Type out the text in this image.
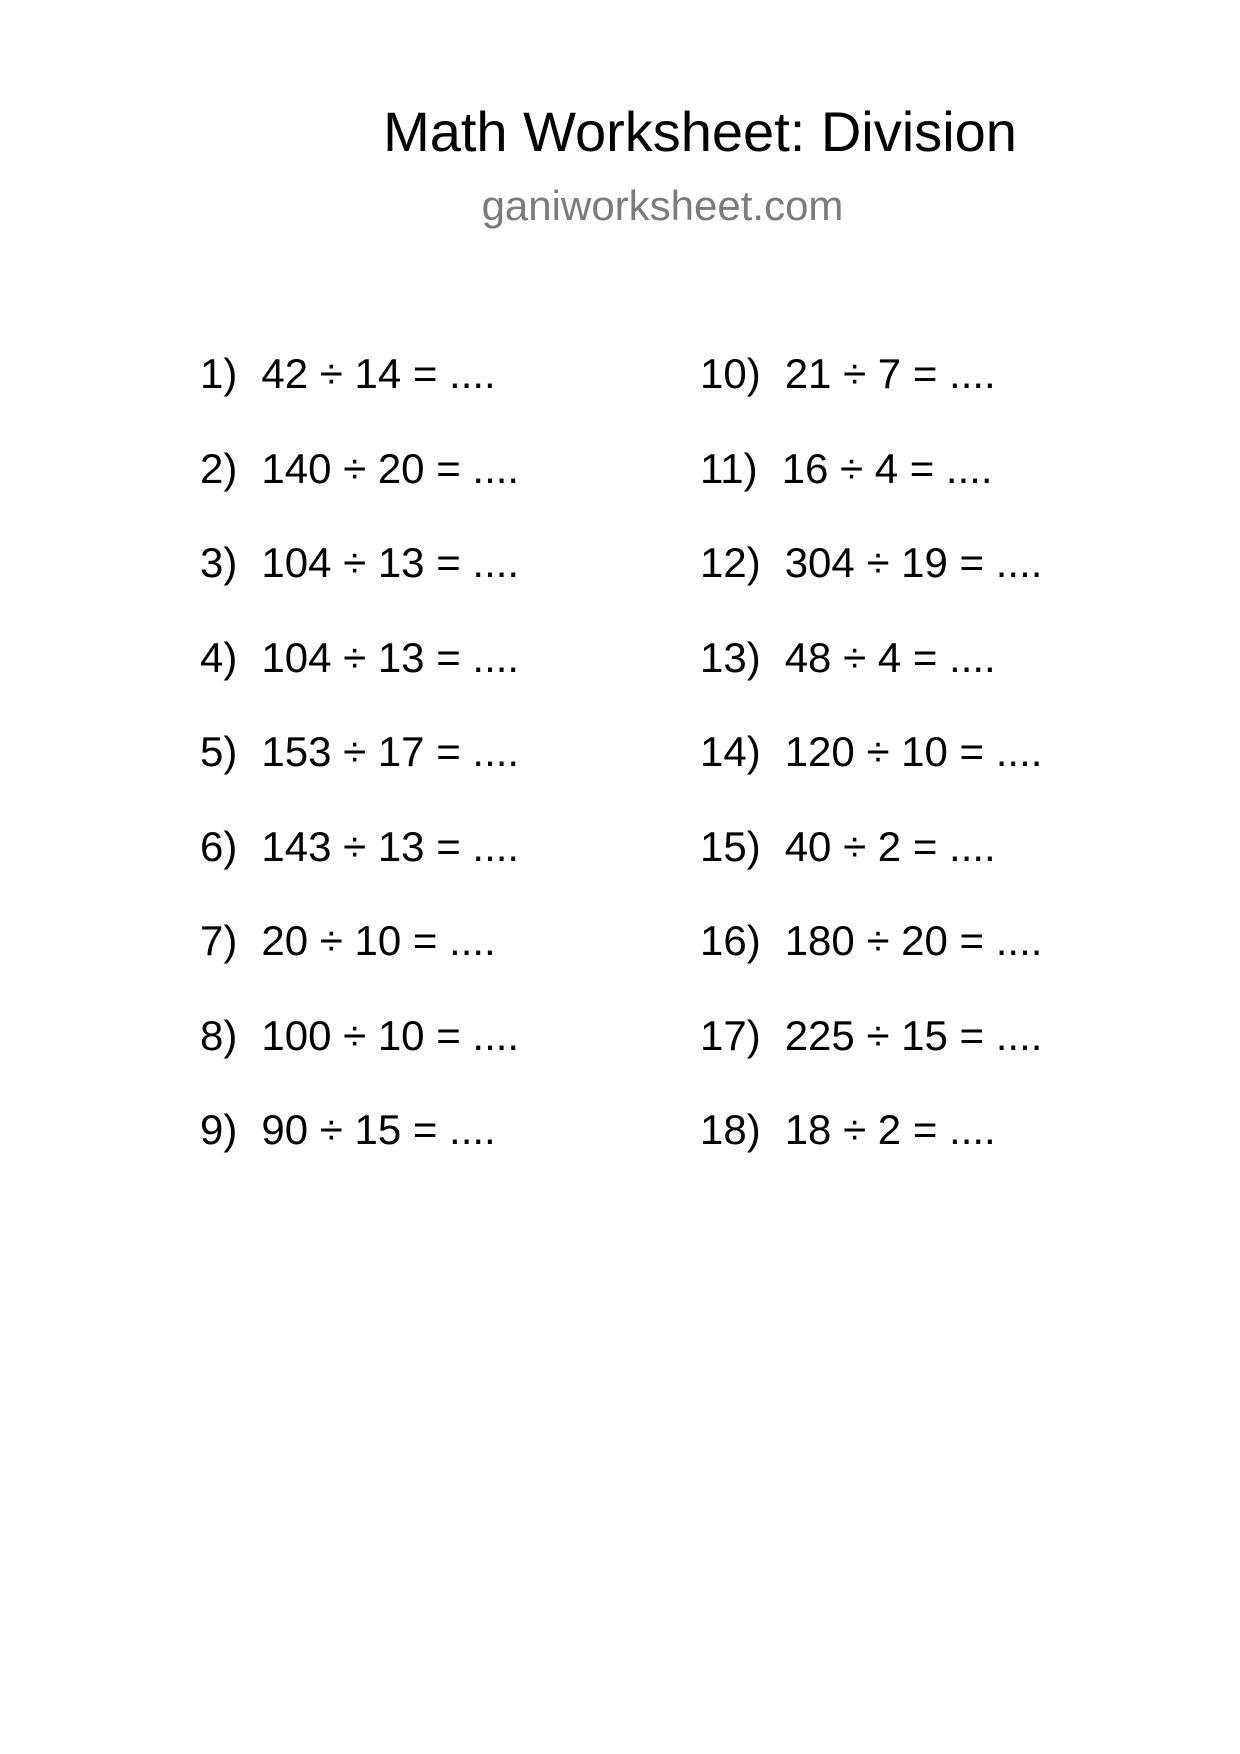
Math Worksheet: Division
ganiworksheet.com
1) 42 ÷ 14 = ....
2) 140 ÷ 20 = ....
3) 104 ÷ 13 = ....
4) 104 ÷ 13 = ....
5) 153 ÷ 17 = ....
6) 143 ÷ 13 = ....
7) 20 ÷ 10 = ....
8) 100 ÷ 10 = ....
9) 90 ÷ 15 = ....
10) 21 ÷ 7 = ....
11) 16 ÷ 4 = ....
12) 304 ÷ 19 = ....
13) 48 ÷ 4 = ....
14) 120 ÷ 10 = ....
15) 40 ÷ 2 = ....
16) 180 ÷ 20 = ....
17) 225 ÷ 15 = ....
18) 18 ÷ 2 = ....
